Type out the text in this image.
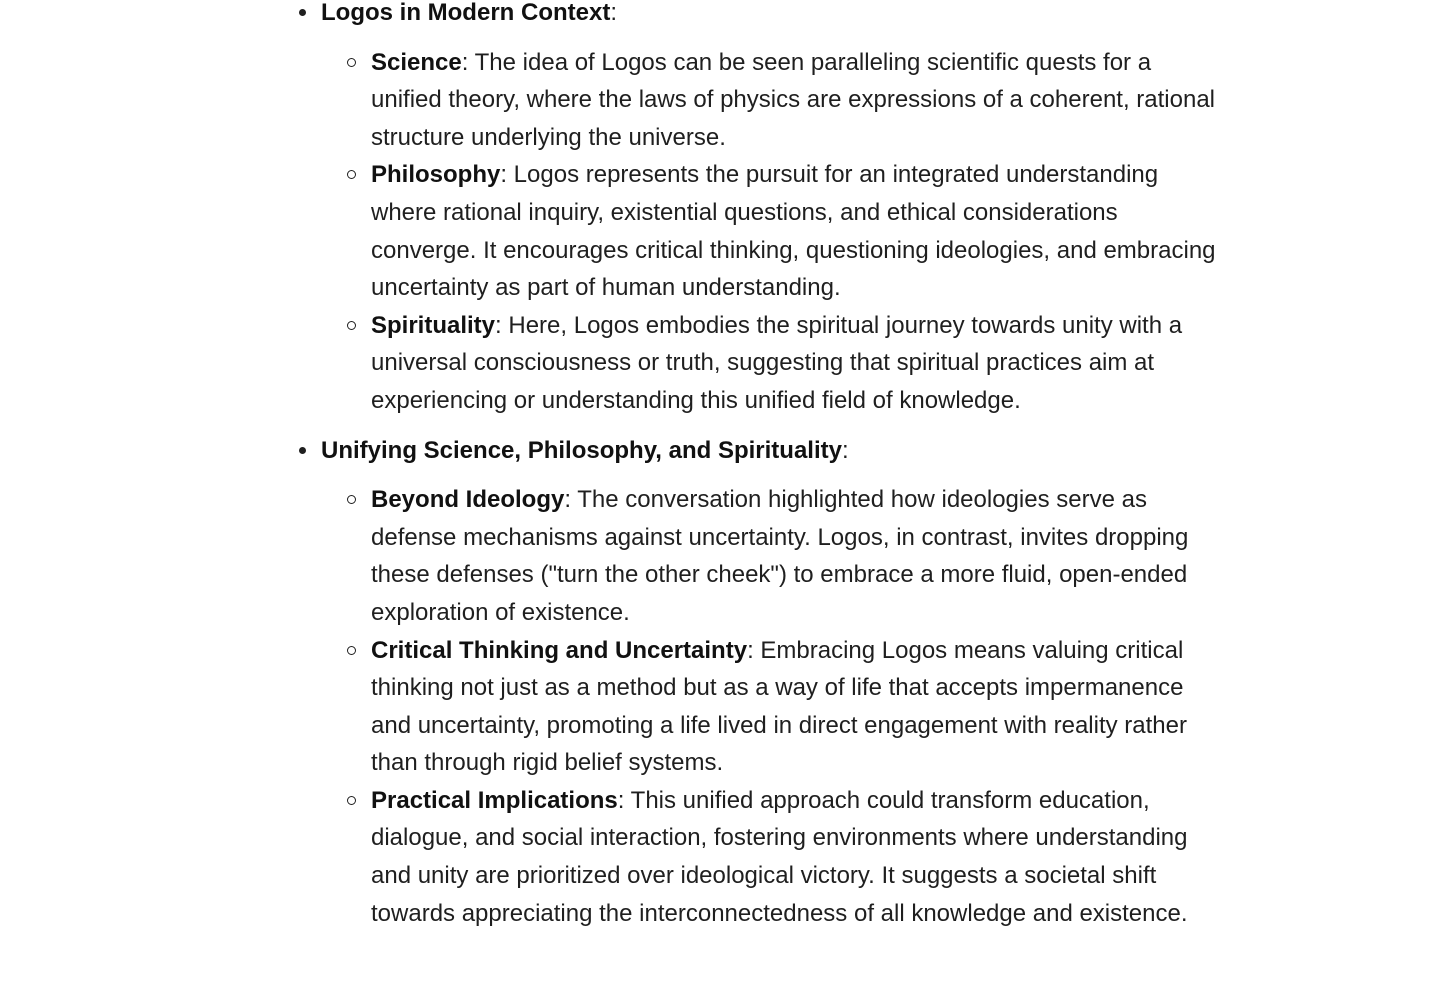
Logos in Modern Context:
Science: The idea of Logos can be seen paralleling scientific quests for a unified theory, where the laws of physics are expressions of a coherent, rational structure underlying the universe.
Philosophy: Logos represents the pursuit for an integrated understanding where rational inquiry, existential questions, and ethical considerations converge. It encourages critical thinking, questioning ideologies, and embracing uncertainty as part of human understanding.
Spirituality: Here, Logos embodies the spiritual journey towards unity with a universal consciousness or truth, suggesting that spiritual practices aim at experiencing or understanding this unified field of knowledge.
Unifying Science, Philosophy, and Spirituality:
Beyond Ideology: The conversation highlighted how ideologies serve as defense mechanisms against uncertainty. Logos, in contrast, invites dropping these defenses ("turn the other cheek") to embrace a more fluid, open-ended exploration of existence.
Critical Thinking and Uncertainty: Embracing Logos means valuing critical thinking not just as a method but as a way of life that accepts impermanence and uncertainty, promoting a life lived in direct engagement with reality rather than through rigid belief systems.
Practical Implications: This unified approach could transform education, dialogue, and social interaction, fostering environments where understanding and unity are prioritized over ideological victory. It suggests a societal shift towards appreciating the interconnectedness of all knowledge and existence.
